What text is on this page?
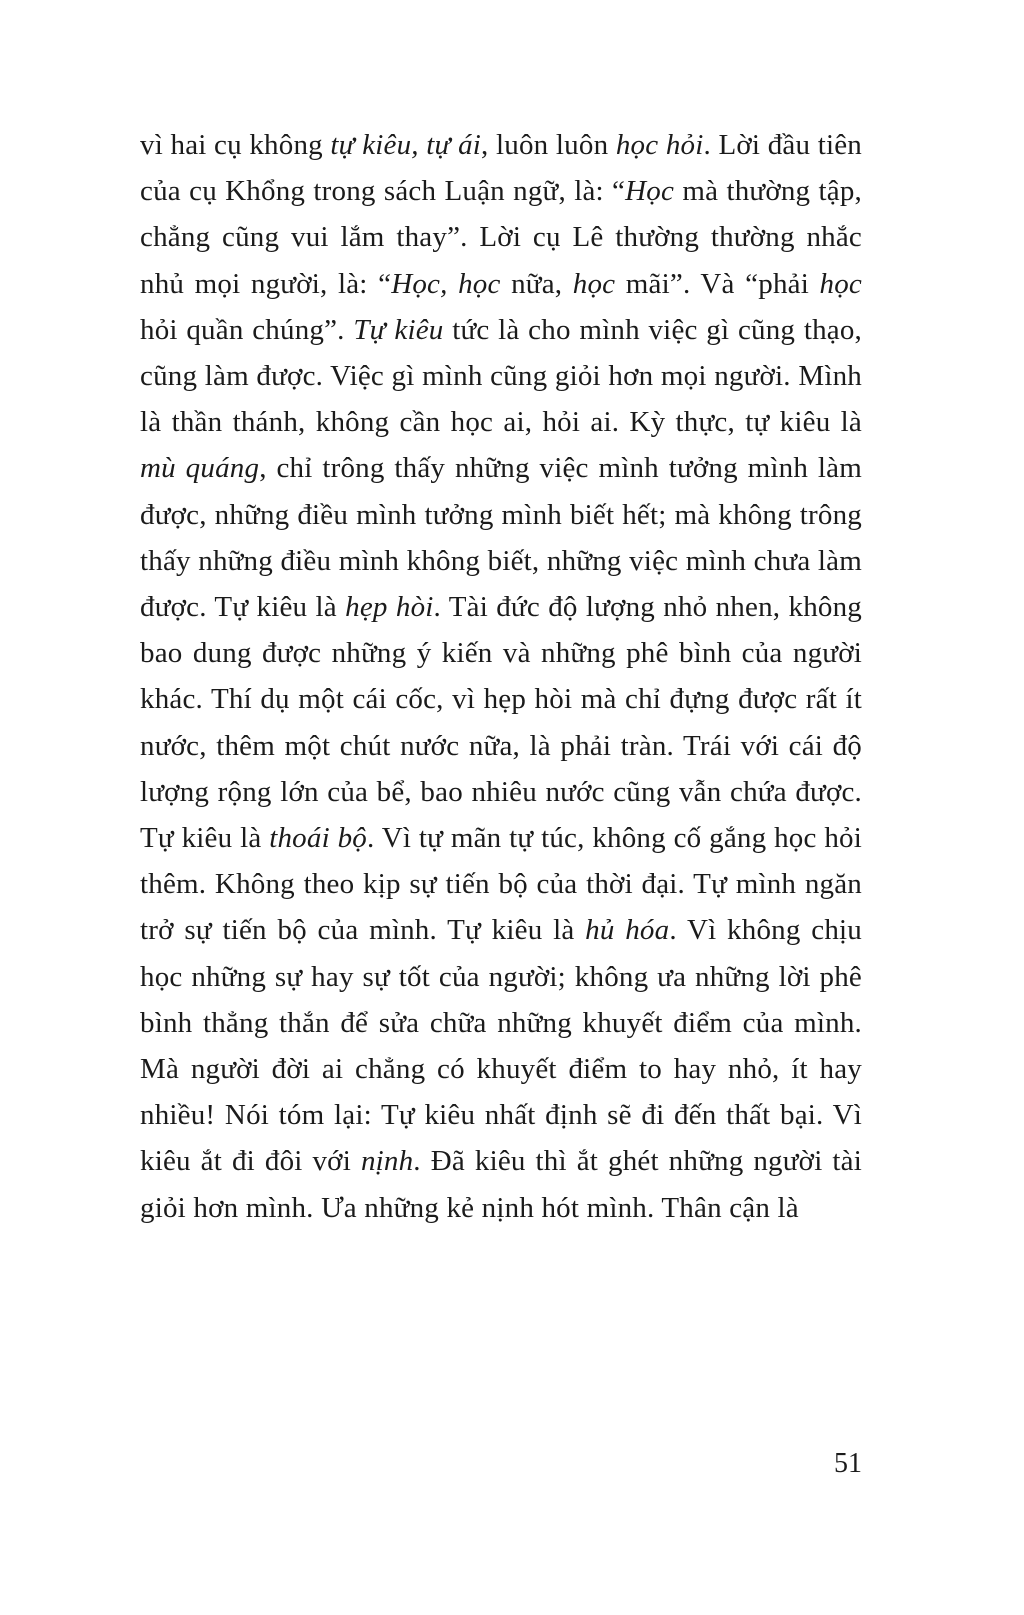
vì hai cụ không tự kiêu, tự ái, luôn luôn học hỏi. Lời đầu tiên của cụ Khổng trong sách Luận ngữ, là: “Học mà thường tập, chẳng cũng vui lắm thay”. Lời cụ Lê thường thường nhắc nhủ mọi người, là: “Học, học nữa, học mãi”. Và “phải học hỏi quần chúng”. Tự kiêu tức là cho mình việc gì cũng thạo, cũng làm được. Việc gì mình cũng giỏi hơn mọi người. Mình là thần thánh, không cần học ai, hỏi ai. Kỳ thực, tự kiêu là mù quáng, chỉ trông thấy những việc mình tưởng mình làm được, những điều mình tưởng mình biết hết; mà không trông thấy những điều mình không biết, những việc mình chưa làm được. Tự kiêu là hẹp hòi. Tài đức độ lượng nhỏ nhen, không bao dung được những ý kiến và những phê bình của người khác. Thí dụ một cái cốc, vì hẹp hòi mà chỉ đựng được rất ít nước, thêm một chút nước nữa, là phải tràn. Trái với cái độ lượng rộng lớn của bể, bao nhiêu nước cũng vẫn chứa được. Tự kiêu là thoái bộ. Vì tự mãn tự túc, không cố gắng học hỏi thêm. Không theo kịp sự tiến bộ của thời đại. Tự mình ngăn trở sự tiến bộ của mình. Tự kiêu là hủ hóa. Vì không chịu học những sự hay sự tốt của người; không ưa những lời phê bình thẳng thắn để sửa chữa những khuyết điểm của mình. Mà người đời ai chẳng có khuyết điểm to hay nhỏ, ít hay nhiều! Nói tóm lại: Tự kiêu nhất định sẽ đi đến thất bại. Vì kiêu ắt đi đôi với nịnh. Đã kiêu thì ắt ghét những người tài giỏi hơn mình. Ưa những kẻ nịnh hót mình. Thân cận là

51
